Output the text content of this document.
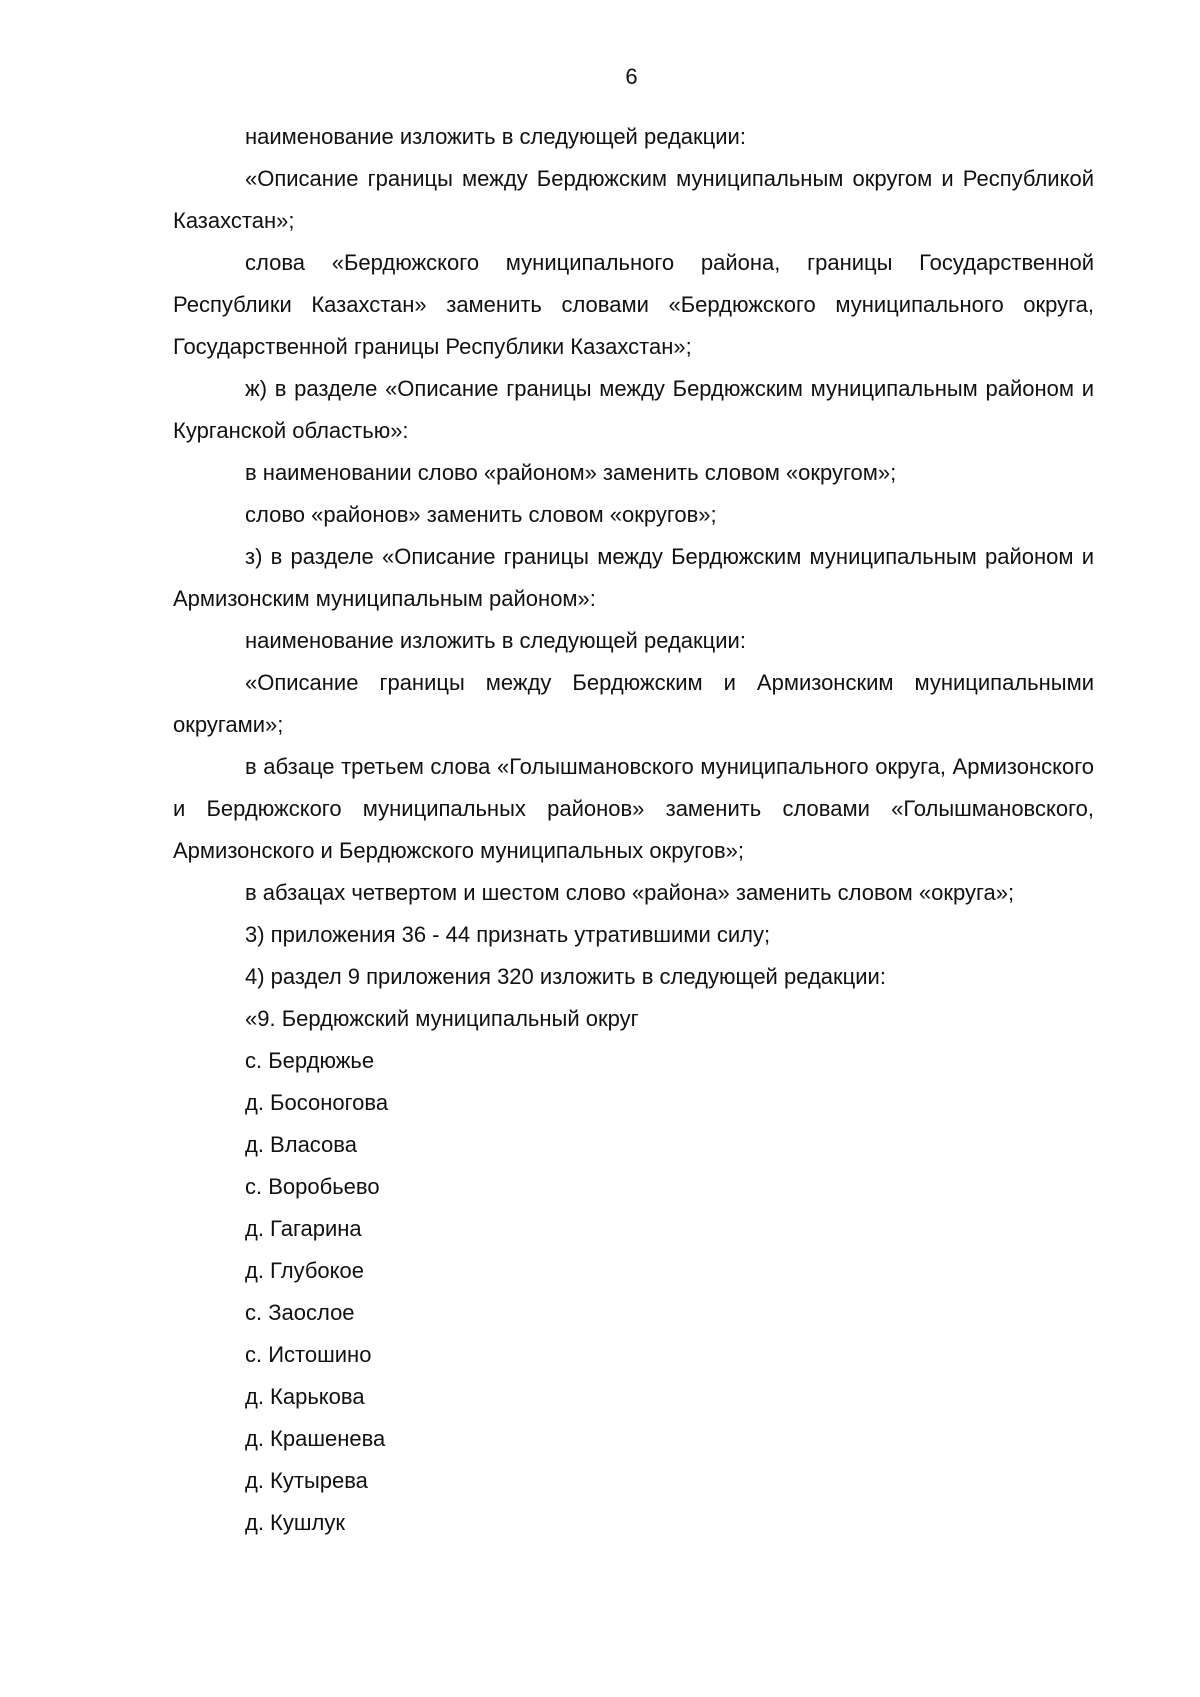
6

наименование изложить в следующей редакции:

«Описание границы между Бердюжским муниципальным округом и Республикой Казахстан»;

слова «Бердюжского муниципального района, границы Государственной Республики Казахстан» заменить словами «Бердюжского муниципального округа, Государственной границы Республики Казахстан»;

ж) в разделе «Описание границы между Бердюжским муниципальным районом и Курганской областью»:

в наименовании слово «районом» заменить словом «округом»;

слово «районов» заменить словом «округов»;

з) в разделе «Описание границы между Бердюжским муниципальным районом и Армизонским муниципальным районом»:

наименование изложить в следующей редакции:

«Описание границы между Бердюжским и Армизонским муниципальными округами»;

в абзаце третьем слова «Голышмановского муниципального округа, Армизонского и Бердюжского муниципальных районов» заменить словами «Голышмановского, Армизонского и Бердюжского муниципальных округов»;

в абзацах четвертом и шестом слово «района» заменить словом «округа»;

3) приложения 36 - 44 признать утратившими силу;

4) раздел 9 приложения 320 изложить в следующей редакции:

«9. Бердюжский муниципальный округ

с. Бердюжье

д. Босоногова

д. Власова

с. Воробьево

д. Гагарина

д. Глубокое

с. Заослое

с. Истошино

д. Карькова

д. Крашенева

д. Кутырева

д. Кушлук
